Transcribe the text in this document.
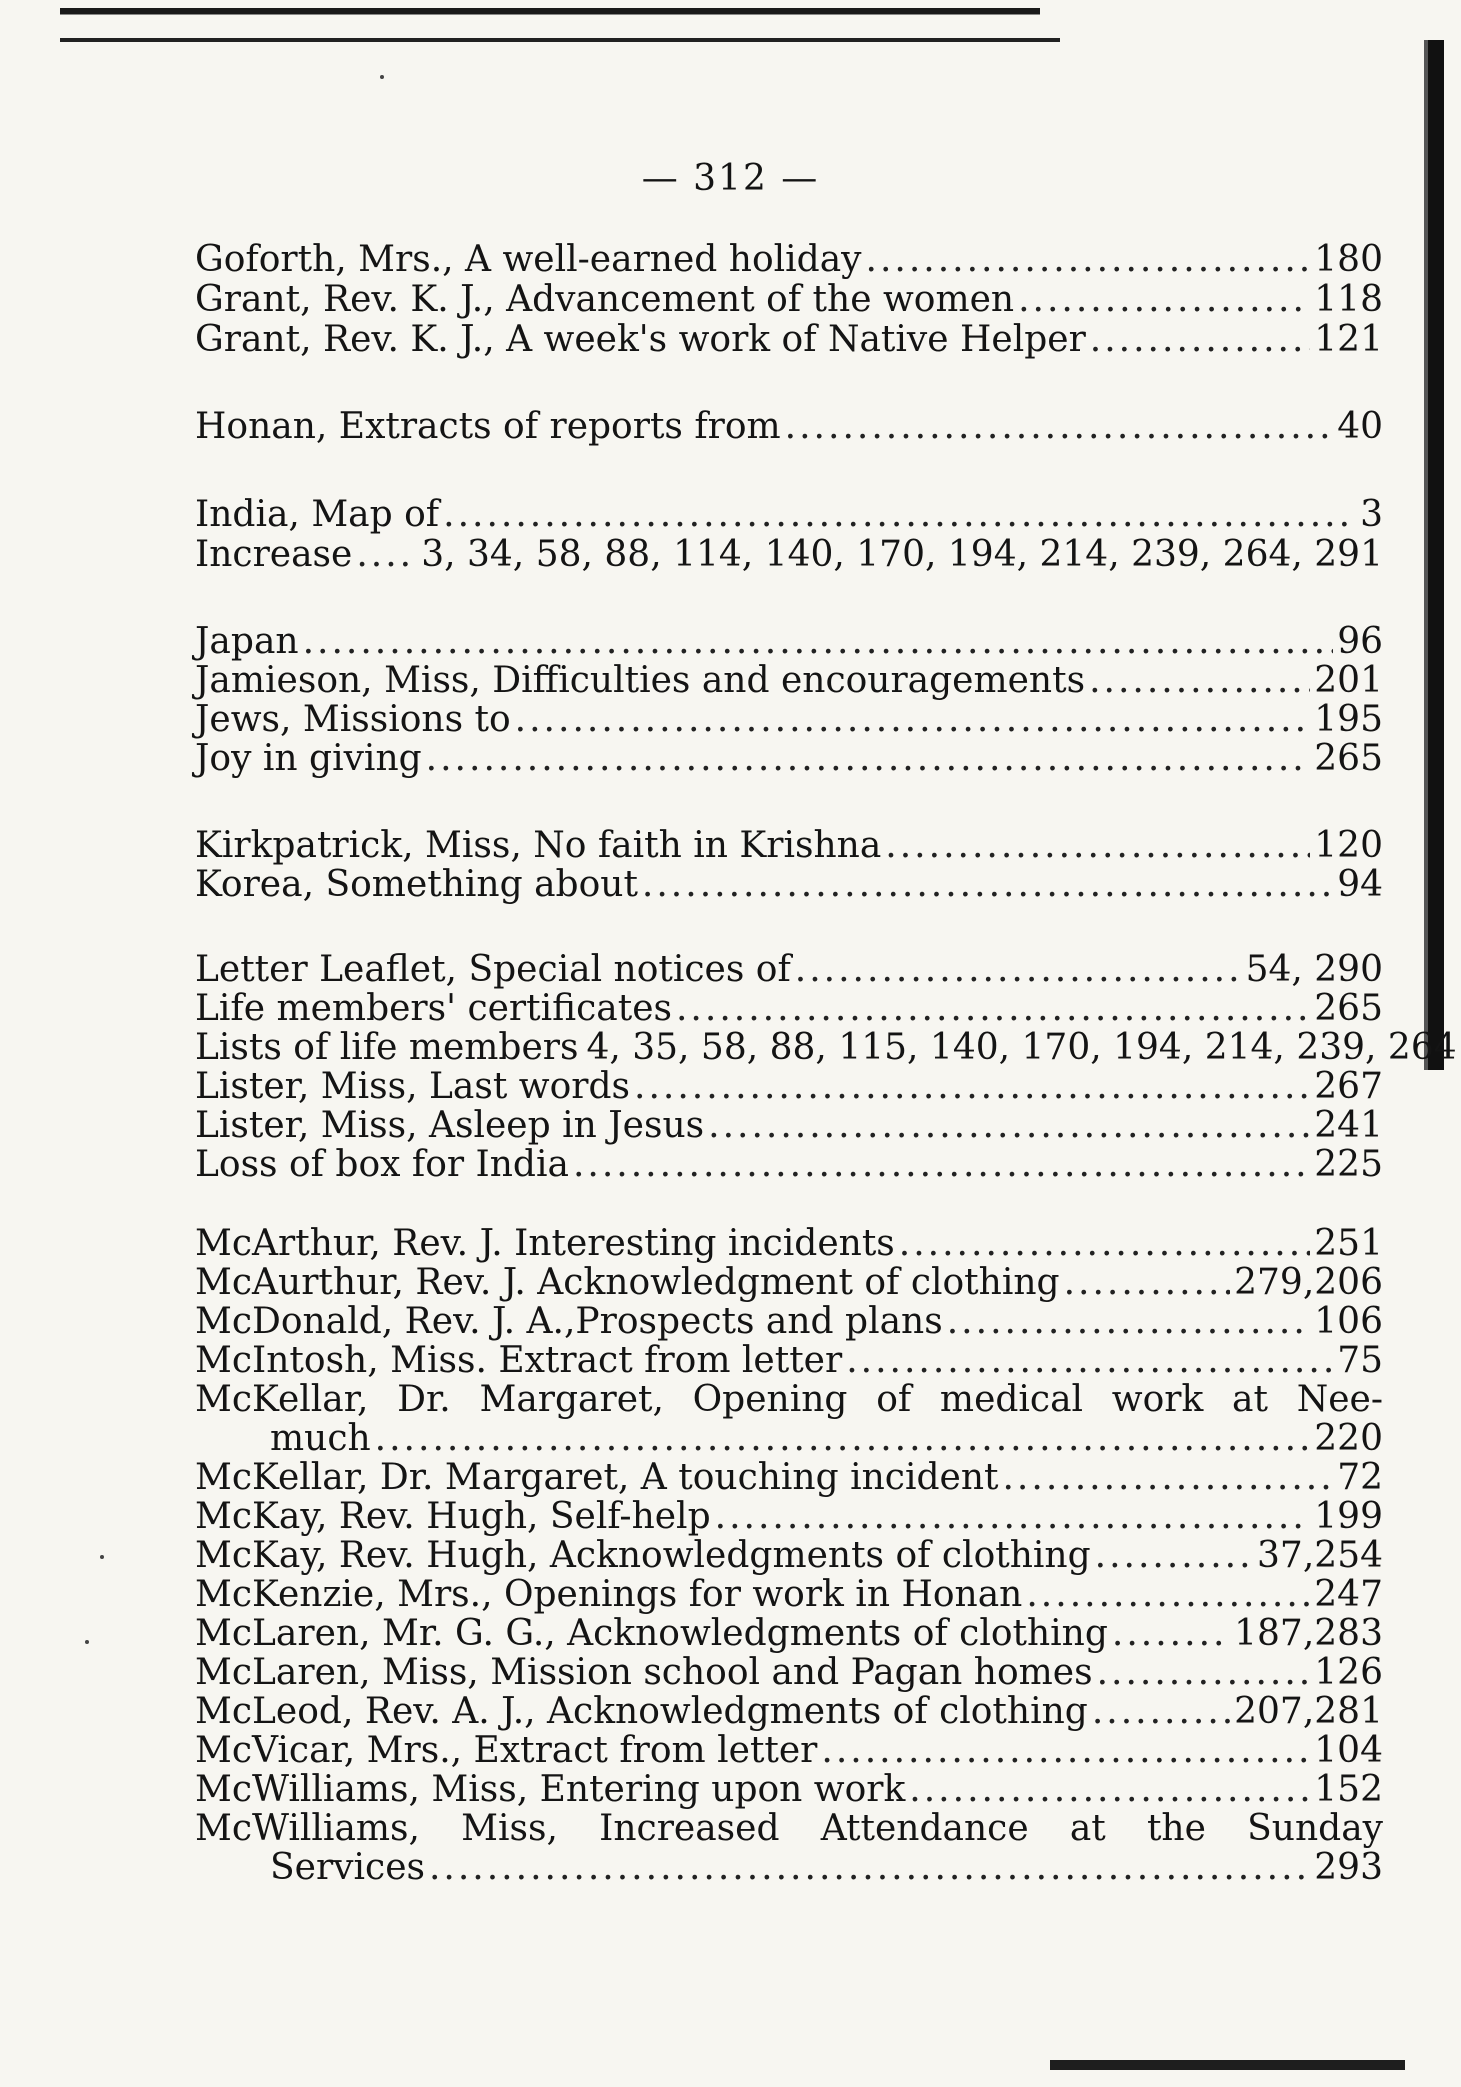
— 312 —
Goforth, Mrs., A well-earned holiday .....	180
Grant, Rev. K. J., Advancement of the women .....	118
Grant, Rev. K. J., A week's work of Native Helper .....	121
Honan, Extracts of reports from .....	40
India, Map of .....	3
Increase ..... 3, 34, 58, 88, 114, 140, 170, 194, 214, 239, 264, 291
Japan .....	96
Jamieson, Miss, Difficulties and encouragements .....	201
Jews, Missions to .....	195
Joy in giving .....	265
Kirkpatrick, Miss, No faith in Krishna .....	120
Korea, Something about .....	94
Letter Leaflet, Special notices of .....	54, 290
Life members' certificates .....	265
Lists of life members 4, 35, 58, 88, 115, 140, 170, 194, 214, 239, 264
Lister, Miss, Last words .....	267
Lister, Miss, Asleep in Jesus .....	241
Loss of box for India .....	225
McArthur, Rev. J. Interesting incidents .....	251
McAurthur, Rev. J. Acknowledgment of clothing .....	279,206
McDonald, Rev. J. A.,Prospects and plans .....	106
McIntosh, Miss. Extract from letter .....	75
McKellar, Dr. Margaret, Opening of medical work at Nee-
much .....	220
McKellar, Dr. Margaret, A touching incident .....	72
McKay, Rev. Hugh, Self-help .....	199
McKay, Rev. Hugh, Acknowledgments of clothing .....	37,254
McKenzie, Mrs., Openings for work in Honan .....	247
McLaren, Mr. G. G., Acknowledgments of clothing .....	187,283
McLaren, Miss, Mission school and Pagan homes .....	126
McLeod, Rev. A. J., Acknowledgments of clothing .....	207,281
McVicar, Mrs., Extract from letter .....	104
McWilliams, Miss, Entering upon work .....	152
McWilliams, Miss, Increased Attendance at the Sunday
Services .....	293
